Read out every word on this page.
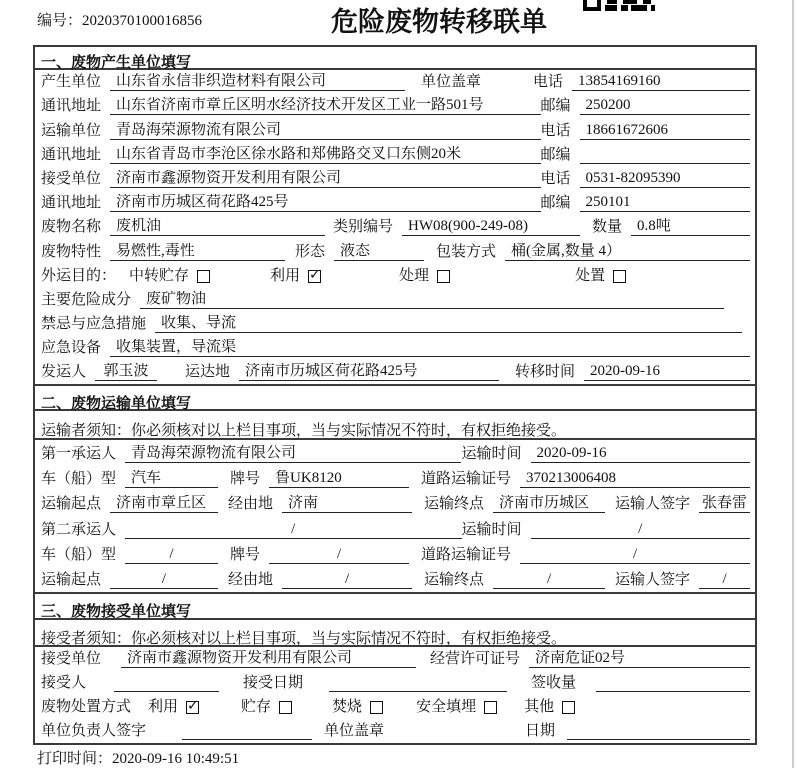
编号：2020370100016856	危险废物转移联单
一、废物产生单位填写
产生单位	山东省永信非织造材料有限公司	单位盖章	电话	13854169160
通讯地址	山东省济南市章丘区明水经济技术开发区工业一路501号	邮编	250200
运输单位	青岛海荣源物流有限公司	电话	18661672606
通讯地址	山东省青岛市李沧区徐水路和郑佛路交叉口东侧20米	邮编
接受单位	济南市鑫源物资开发利用有限公司	电话	0531-82095390
通讯地址	济南市历城区荷花路425号	邮编	250101
废物名称	废机油	类别编号	HW08(900-249-08)	数量	0.8吨
废物特性	易燃性,毒性	形态	液态	包装方式	桶(金属,数量 4）
外运目的： 中转贮存	利用 ✓	处理	处置
主要危险成分	废矿物油
禁忌与应急措施	收集、导流
应急设备	收集装置，导流渠
发运人	郭玉波	运达地	济南市历城区荷花路425号	转移时间	2020-09-16
二、废物运输单位填写
运输者须知：你必须核对以上栏目事项，当与实际情况不符时，有权拒绝接受。
第一承运人	青岛海荣源物流有限公司	运输时间	2020-09-16
车（船）型	汽车	牌号	鲁UK8120	道路运输证号	370213006408
运输起点	济南市章丘区	经由地	济南	运输终点	济南市历城区	运输人签字 张春雷
第二承运人	/	运输时间	/
车（船）型	/	牌号	/	道路运输证号	/
运输起点	/	经由地	/	运输终点	/	运输人签字	/
三、废物接受单位填写
接受者须知：你必须核对以上栏目事项，当与实际情况不符时，有权拒绝接受。
接受单位	济南市鑫源物资开发利用有限公司	经营许可证号	济南危证02号
接受人	接受日期	签收量
废物处置方式 利用 ✓	贮存	焚烧	安全填埋	其他
单位负责人签字	单位盖章	日期
打印时间：2020-09-16 10:49:51
